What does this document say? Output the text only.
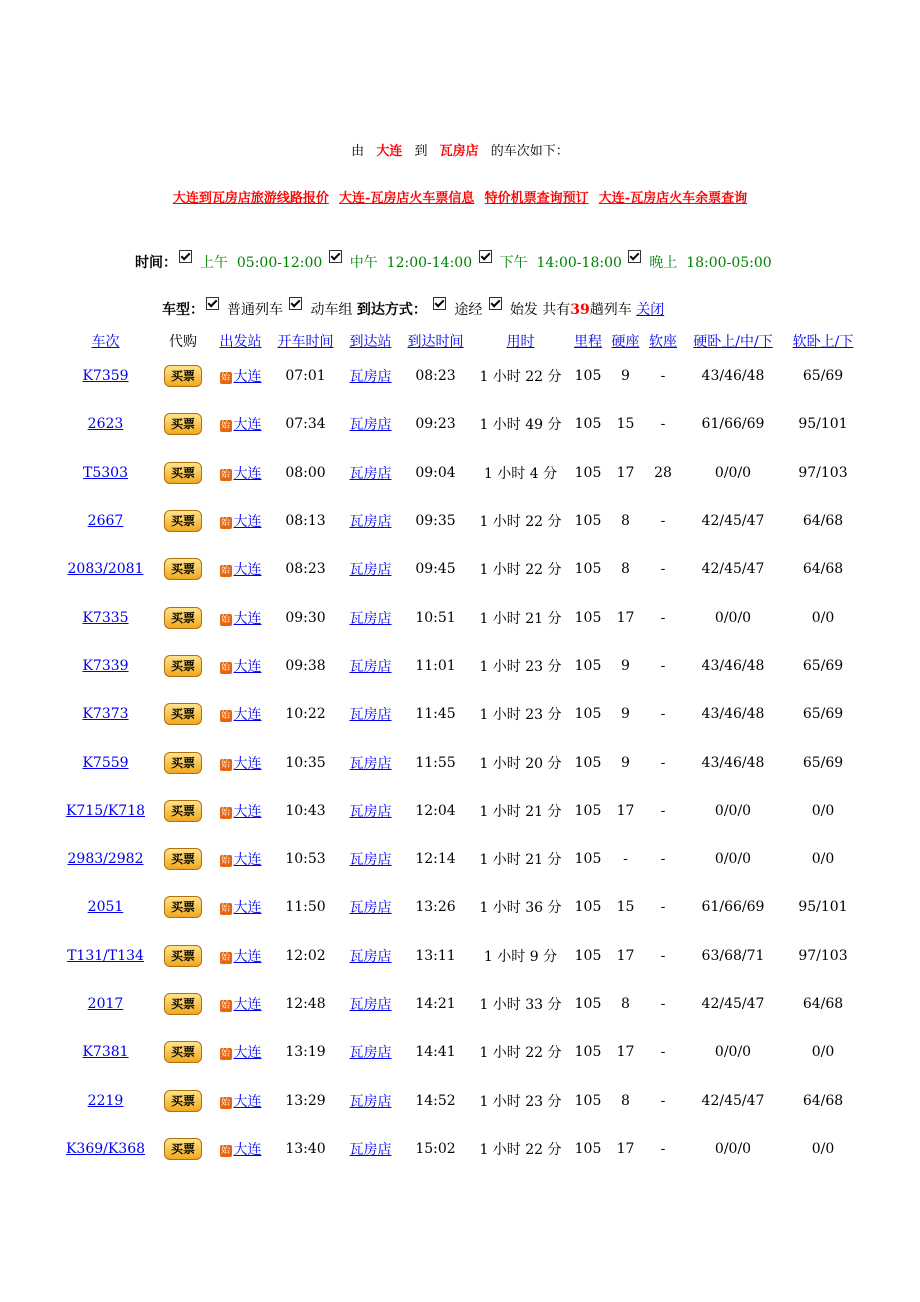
由 大连 到 瓦房店 的车次如下：
大连到瓦房店旅游线路报价 大连-瓦房店火车票信息 特价机票查询预订 大连-瓦房店火车余票查询
时间： 上午  05:00-12:00 中午  12:00-14:00 下午  14:00-18:00 晚上  18:00-05:00
车型： 普通列车 动车组 到达方式： 途经 始发 共有39趟列车 关闭
车次	代购	出发站	开车时间	到达站	到达时间	用时	里程	硬座	软座	硬卧上/中/下	软卧上/下
K7359	买票	始 大连	07:01	瓦房店	08:23	1 小时 22 分	105	9	-	43/46/48	65/69
2623	买票	始 大连	07:34	瓦房店	09:23	1 小时 49 分	105	15	-	61/66/69	95/101
T5303	买票	始 大连	08:00	瓦房店	09:04	1 小时 4 分	105	17	28	0/0/0	97/103
2667	买票	始 大连	08:13	瓦房店	09:35	1 小时 22 分	105	8	-	42/45/47	64/68
2083/2081	买票	始 大连	08:23	瓦房店	09:45	1 小时 22 分	105	8	-	42/45/47	64/68
K7335	买票	始 大连	09:30	瓦房店	10:51	1 小时 21 分	105	17	-	0/0/0	0/0
K7339	买票	始 大连	09:38	瓦房店	11:01	1 小时 23 分	105	9	-	43/46/48	65/69
K7373	买票	始 大连	10:22	瓦房店	11:45	1 小时 23 分	105	9	-	43/46/48	65/69
K7559	买票	始 大连	10:35	瓦房店	11:55	1 小时 20 分	105	9	-	43/46/48	65/69
K715/K718	买票	始 大连	10:43	瓦房店	12:04	1 小时 21 分	105	17	-	0/0/0	0/0
2983/2982	买票	始 大连	10:53	瓦房店	12:14	1 小时 21 分	105	-	-	0/0/0	0/0
2051	买票	始 大连	11:50	瓦房店	13:26	1 小时 36 分	105	15	-	61/66/69	95/101
T131/T134	买票	始 大连	12:02	瓦房店	13:11	1 小时 9 分	105	17	-	63/68/71	97/103
2017	买票	始 大连	12:48	瓦房店	14:21	1 小时 33 分	105	8	-	42/45/47	64/68
K7381	买票	始 大连	13:19	瓦房店	14:41	1 小时 22 分	105	17	-	0/0/0	0/0
2219	买票	始 大连	13:29	瓦房店	14:52	1 小时 23 分	105	8	-	42/45/47	64/68
K369/K368	买票	始 大连	13:40	瓦房店	15:02	1 小时 22 分	105	17	-	0/0/0	0/0
